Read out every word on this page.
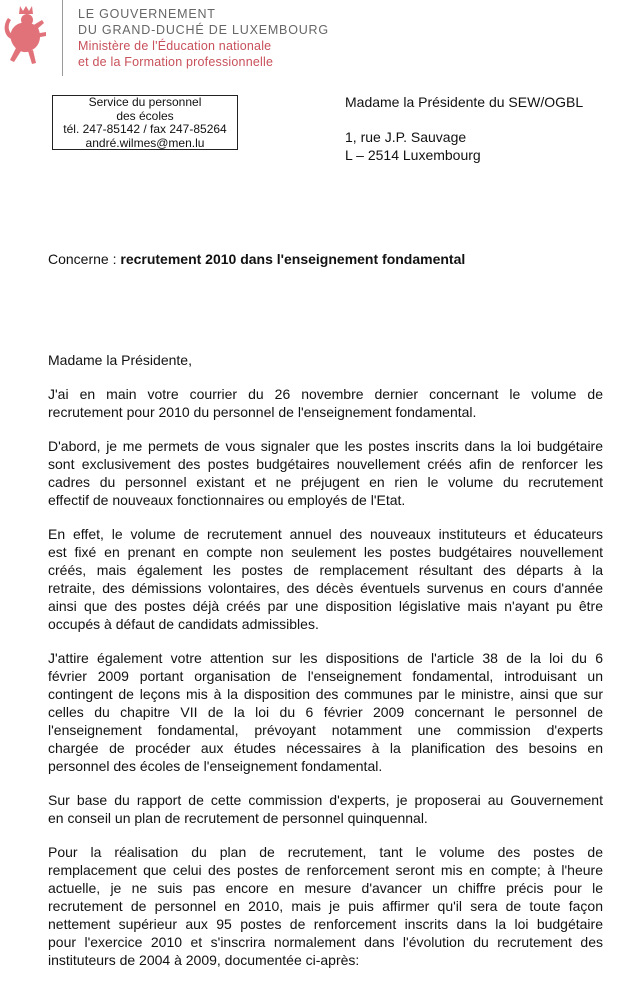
LE GOUVERNEMENT
DU GRAND-DUCHÉ DE LUXEMBOURG
Ministère de l'Éducation nationale
et de la Formation professionnelle
Service du personnel
des écoles
tél. 247-85142 / fax 247-85264
andré.wilmes@men.lu
Madame la Présidente du SEW/OGBL
1, rue J.P. Sauvage
L – 2514 Luxembourg
Concerne : recrutement 2010 dans l'enseignement fondamental
Madame la Présidente,
J'ai en main votre courrier du 26 novembre dernier concernant le volume de
recrutement pour 2010 du personnel de l'enseignement fondamental.
D'abord, je me permets de vous signaler que les postes inscrits dans la loi budgétaire
sont exclusivement des postes budgétaires nouvellement créés afin de renforcer les
cadres du personnel existant et ne préjugent en rien le volume du recrutement
effectif de nouveaux fonctionnaires ou employés de l'Etat.
En effet, le volume de recrutement annuel des nouveaux instituteurs et éducateurs
est fixé en prenant en compte non seulement les postes budgétaires nouvellement
créés, mais également les postes de remplacement résultant des départs à la
retraite, des démissions volontaires, des décès éventuels survenus en cours d'année
ainsi que des postes déjà créés par une disposition législative mais n'ayant pu être
occupés à défaut de candidats admissibles.
J'attire également votre attention sur les dispositions de l'article 38 de la loi du 6
février 2009 portant organisation de l'enseignement fondamental, introduisant un
contingent de leçons mis à la disposition des communes par le ministre, ainsi que sur
celles du chapitre VII de la loi du 6 février 2009 concernant le personnel de
l'enseignement fondamental, prévoyant notamment une commission d'experts
chargée de procéder aux études nécessaires à la planification des besoins en
personnel des écoles de l'enseignement fondamental.
Sur base du rapport de cette commission d'experts, je proposerai au Gouvernement
en conseil un plan de recrutement de personnel quinquennal.
Pour la réalisation du plan de recrutement, tant le volume des postes de
remplacement que celui des postes de renforcement seront mis en compte; à l'heure
actuelle, je ne suis pas encore en mesure d'avancer un chiffre précis pour le
recrutement de personnel en 2010, mais je puis affirmer qu'il sera de toute façon
nettement supérieur aux 95 postes de renforcement inscrits dans la loi budgétaire
pour l'exercice 2010 et s'inscrira normalement dans l'évolution du recrutement des
instituteurs de 2004 à 2009, documentée ci-après:
